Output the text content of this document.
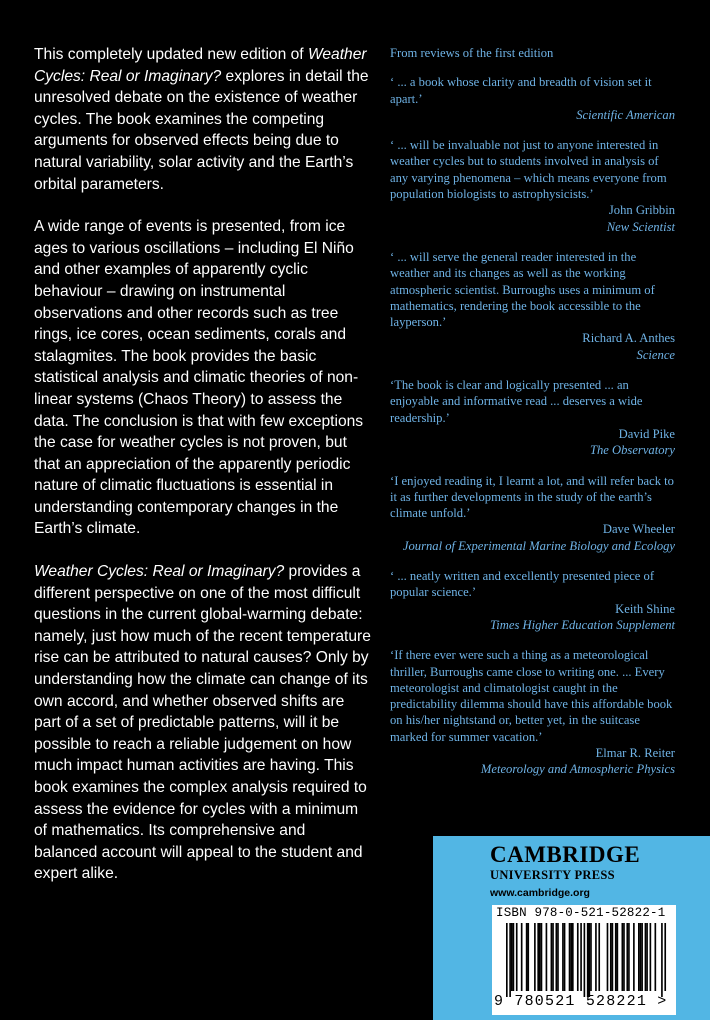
This completely updated new edition of Weather Cycles: Real or Imaginary? explores in detail the unresolved debate on the existence of weather cycles. The book examines the competing arguments for observed effects being due to natural variability, solar activity and the Earth’s orbital parameters.

A wide range of events is presented, from ice ages to various oscillations – including El Niño and other examples of apparently cyclic behaviour – drawing on instrumental observations and other records such as tree rings, ice cores, ocean sediments, corals and stalagmites. The book provides the basic statistical analysis and climatic theories of non-linear systems (Chaos Theory) to assess the data. The conclusion is that with few exceptions the case for weather cycles is not proven, but that an appreciation of the apparently periodic nature of climatic fluctuations is essential in understanding contemporary changes in the Earth’s climate.

Weather Cycles: Real or Imaginary? provides a different perspective on one of the most difficult questions in the current global-warming debate: namely, just how much of the recent temperature rise can be attributed to natural causes? Only by understanding how the climate can change of its own accord, and whether observed shifts are part of a set of predictable patterns, will it be possible to reach a reliable judgement on how much impact human activities are having. This book examines the complex analysis required to assess the evidence for cycles with a minimum of mathematics. Its comprehensive and balanced account will appeal to the student and expert alike.

From reviews of the first edition

‘ ... a book whose clarity and breadth of vision set it apart.’

Scientific American

‘ ... will be invaluable not just to anyone interested in weather cycles but to students involved in analysis of any varying phenomena – which means everyone from population biologists to astrophysicists.’

John Gribbin

New Scientist

‘ ... will serve the general reader interested in the weather and its changes as well as the working atmospheric scientist. Burroughs uses a minimum of mathematics, rendering the book accessible to the layperson.’

Richard A. Anthes

Science

‘The book is clear and logically presented ... an enjoyable and informative read ... deserves a wide readership.’

David Pike

The Observatory

‘I enjoyed reading it, I learnt a lot, and will refer back to it as further developments in the study of the earth’s climate unfold.’

Dave Wheeler

Journal of Experimental Marine Biology and Ecology

‘ ... neatly written and excellently presented piece of popular science.’

Keith Shine

Times Higher Education Supplement

‘If there ever were such a thing as a meteorological thriller, Burroughs came close to writing one. ... Every meteorologist and climatologist caught in the predictability dilemma should have this affordable book on his/her nightstand or, better yet, in the suitcase marked for summer vacation.’

Elmar R. Reiter

Meteorology and Atmospheric Physics

CAMBRIDGE
UNIVERSITY PRESS
www.cambridge.org
ISBN 978-0-521-52822-1
9 780521 528221 >
